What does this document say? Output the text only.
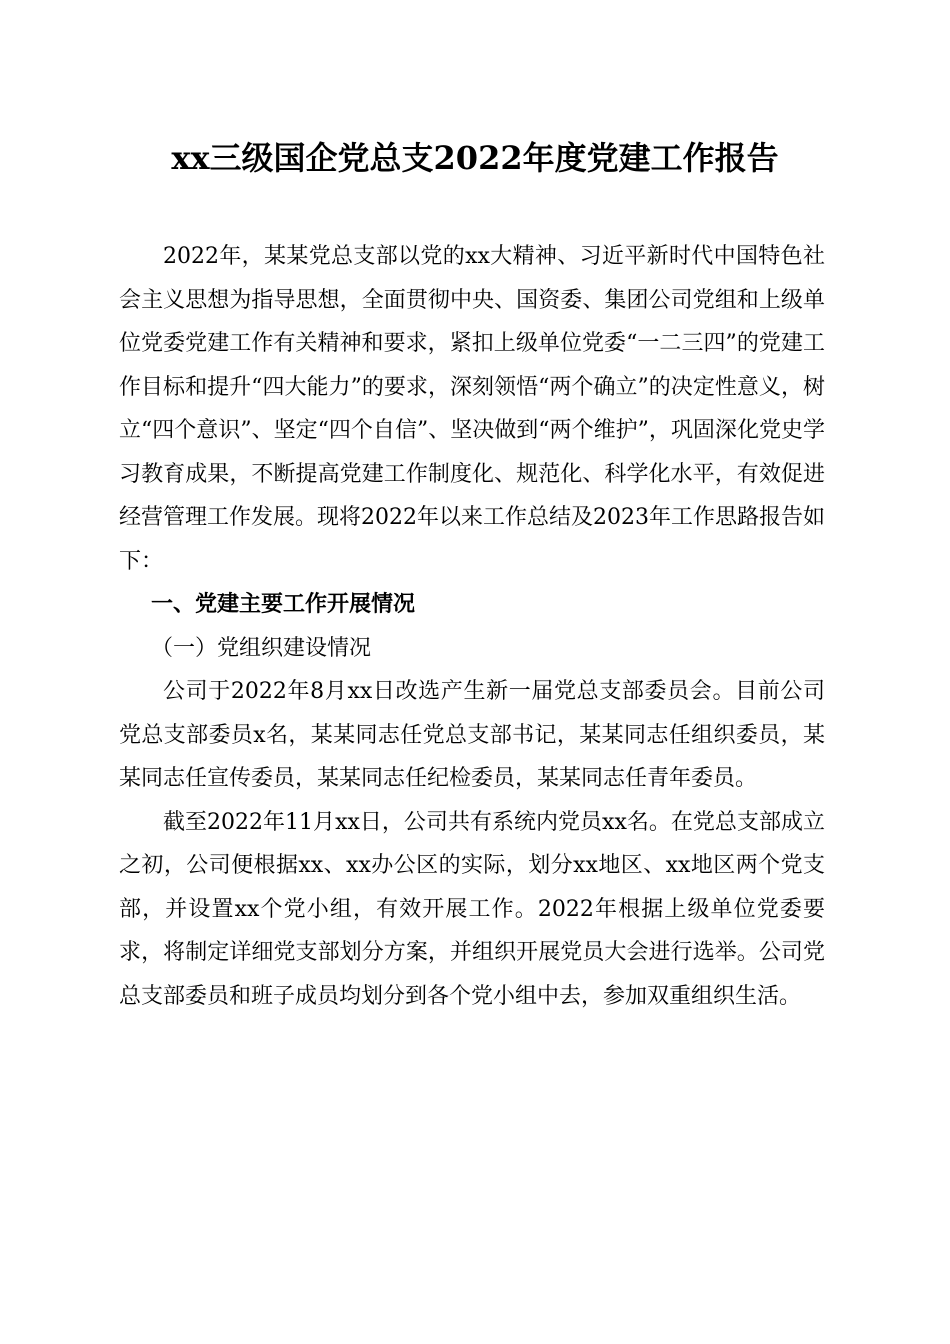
xx三级国企党总支2022年度党建工作报告

2022年，某某党总支部以党的xx大精神、习近平新时代中国特色社会主义思想为指导思想，全面贯彻中央、国资委、集团公司党组和上级单位党委党建工作有关精神和要求，紧扣上级单位党委“一二三四”的党建工作目标和提升“四大能力”的要求，深刻领悟“两个确立”的决定性意义，树立“四个意识”、坚定“四个自信”、坚决做到“两个维护”，巩固深化党史学习教育成果，不断提高党建工作制度化、规范化、科学化水平，有效促进经营管理工作发展。现将2022年以来工作总结及2023年工作思路报告如下：

一、党建主要工作开展情况

（一）党组织建设情况

公司于2022年8月xx日改选产生新一届党总支部委员会。目前公司党总支部委员x名，某某同志任党总支部书记，某某同志任组织委员，某某同志任宣传委员，某某同志任纪检委员，某某同志任青年委员。

截至2022年11月xx日，公司共有系统内党员xx名。在党总支部成立之初，公司便根据xx、xx办公区的实际，划分xx地区、xx地区两个党支部，并设置xx个党小组，有效开展工作。2022年根据上级单位党委要求，将制定详细党支部划分方案，并组织开展党员大会进行选举。公司党总支部委员和班子成员均划分到各个党小组中去，参加双重组织生活。
